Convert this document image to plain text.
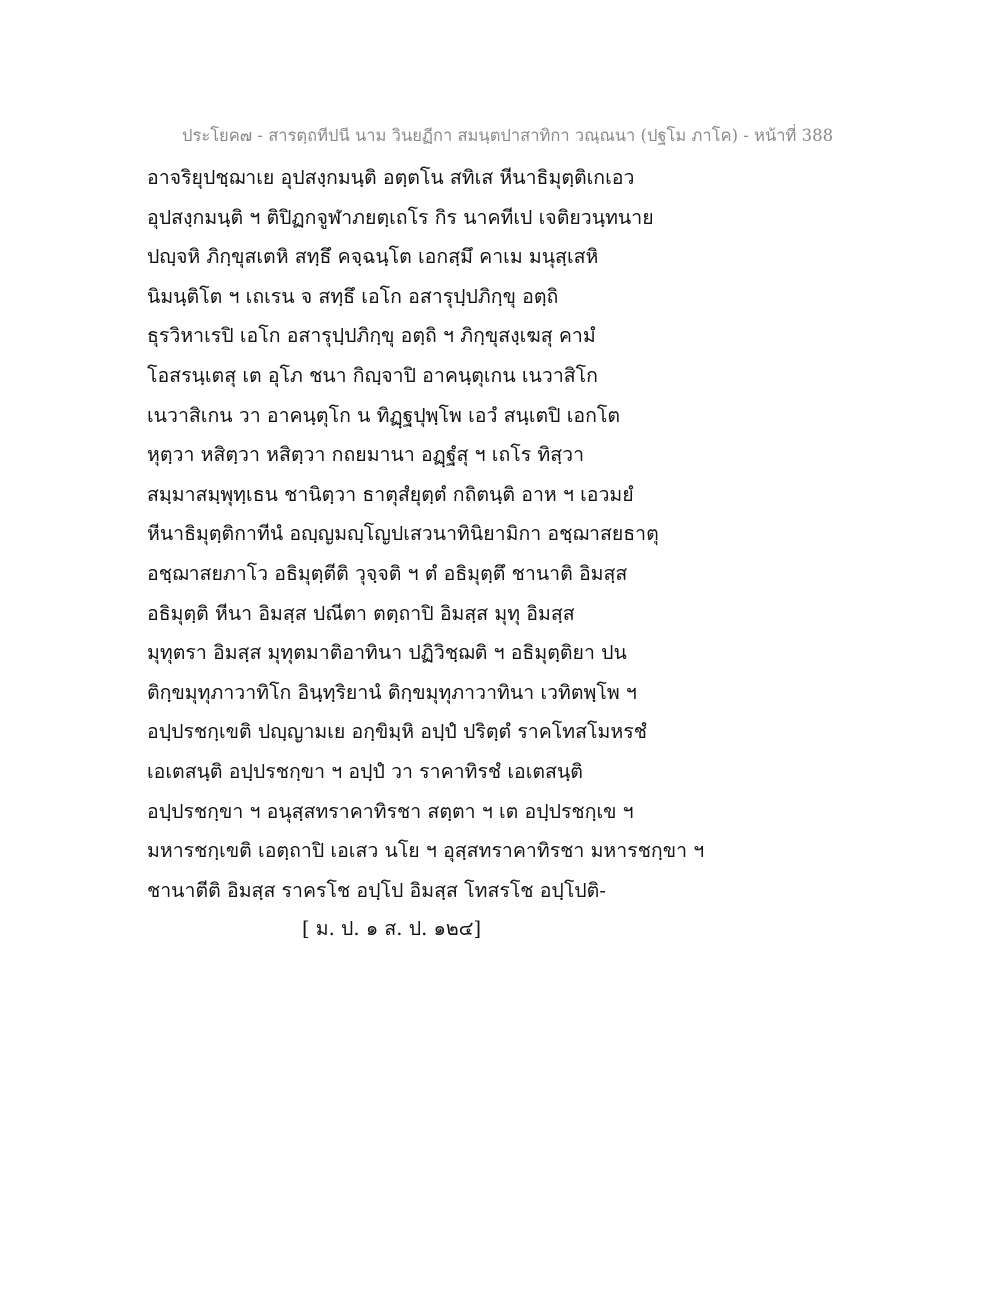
ประโยค๗ - สารตฺถทีปนี นาม วินยฏีกา สมนฺตปาสาทิกา วณฺณนา (ปฐโม ภาโค) - หน้าที่ 388
อาจริยุปชฺฌาเย อุปสงฺกมนฺติ อตฺตโน สทิเส หีนาธิมุตฺติเกเอว
อุปสงฺกมนฺติ ฯ ติปิฏกจูฬาภยตฺเถโร กิร นาคทีเป เจติยวนฺทนาย
ปญฺจหิ ภิกฺขุสเตหิ สทฺธึ คจฺฉนฺโต เอกสฺมึ คาเม มนุสฺเสหิ
นิมนฺติโต ฯ เถเรน จ สทฺธึ เอโก อสารุปฺปภิกฺขุ อตฺถิ
ธุรวิหาเรปิ เอโก อสารุปฺปภิกฺขุ อตฺถิ ฯ ภิกฺขุสงฺเฆสุ คามํ
โอสรนฺเตสุ เต อุโภ ชนา กิญฺจาปิ อาคนฺตุเกน เนวาสิโก
เนวาสิเกน วา อาคนฺตุโก น ทิฏฺฐปุพฺโพ เอวํ สนฺเตปิ เอกโต
หุตฺวา หสิตฺวา หสิตฺวา กถยมานา อฏฺฐํสุ ฯ เถโร ทิสฺวา
สมฺมาสมฺพุทฺเธน ชานิตฺวา ธาตุสํยุตฺตํ กถิตนฺติ อาห ฯ เอวมยํ
หีนาธิมุตฺติกาทีนํ อญฺญมญฺโญปเสวนาทินิยามิกา อชฺฌาสยธาตุ
อชฺฌาสยภาโว อธิมุตฺตีติ วุจฺจติ ฯ ตํ อธิมุตฺตึ ชานาติ อิมสฺส
อธิมุตฺติ หีนา อิมสฺส ปณีตา ตตฺถาปิ อิมสฺส มุทุ อิมสฺส
มุทุตรา อิมสฺส มุทุตมาติอาทินา ปฏิวิชฺฌติ ฯ อธิมุตฺติยา ปน
ติกฺขมุทุภาวาทิโก อินฺทฺริยานํ ติกฺขมุทุภาวาทินา เวทิตพฺโพ ฯ
อปฺปรชกฺเขติ ปญฺญามเย อกฺขิมฺหิ อปฺปํ ปริตฺตํ ราคโทสโมหรชํ
เอเตสนฺติ อปฺปรชกฺขา ฯ อปฺปํ วา ราคาทิรชํ เอเตสนฺติ
อปฺปรชกฺขา ฯ อนุสฺสทราคาทิรชา สตฺตา ฯ เต อปฺปรชกฺเข ฯ
มหารชกฺเขติ เอตฺถาปิ เอเสว นโย ฯ อุสฺสทราคาทิรชา มหารชกฺขา ฯ
ชานาตีติ อิมสฺส ราครโช อปฺโป อิมสฺส โทสรโช อปฺโปติ-
[ ม. ป. ๑ ส. ป. ๑๒๔]
